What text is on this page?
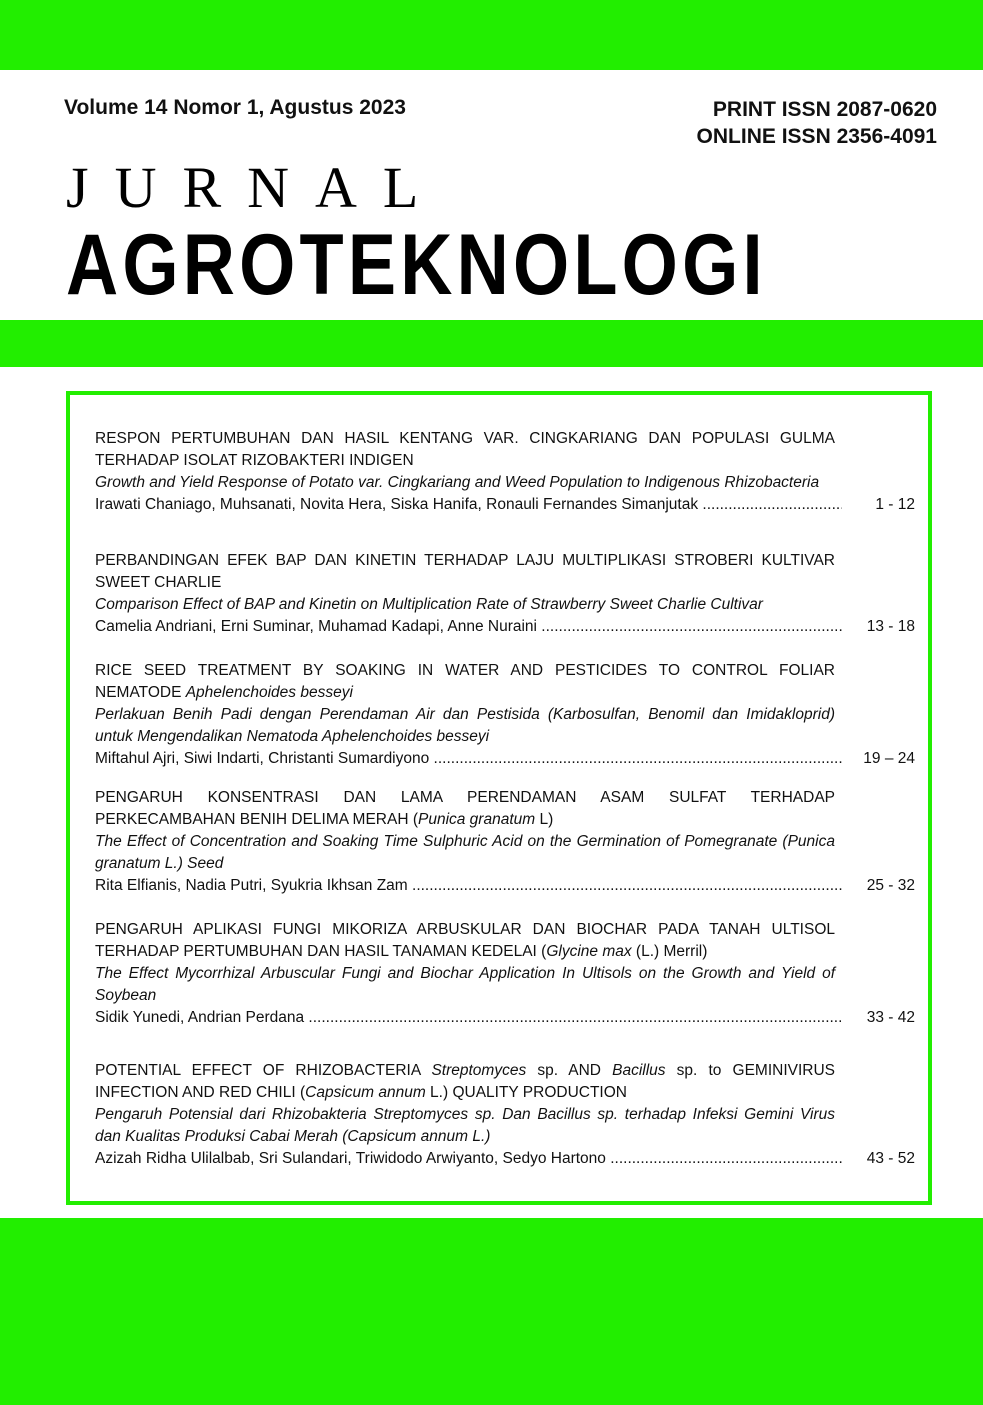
Volume 14 Nomor 1, Agustus 2023	PRINT ISSN 2087-0620
ONLINE ISSN 2356-4091
JURNAL
AGROTEKNOLOGI
RESPON PERTUMBUHAN DAN HASIL KENTANG VAR. CINGKARIANG DAN POPULASI GULMA TERHADAP ISOLAT RIZOBAKTERI INDIGEN
Growth and Yield Response of Potato var. Cingkariang and Weed Population to Indigenous Rhizobacteria
Irawati Chaniago, Muhsanati, Novita Hera, Siska Hanifa, Ronauli Fernandes Simanjutak .....	1 - 12
PERBANDINGAN EFEK BAP DAN KINETIN TERHADAP LAJU MULTIPLIKASI STROBERI KULTIVAR SWEET CHARLIE
Comparison Effect of BAP and Kinetin on Multiplication Rate of Strawberry Sweet Charlie Cultivar
Camelia Andriani, Erni Suminar, Muhamad Kadapi, Anne Nuraini .....	13 - 18
RICE SEED TREATMENT BY SOAKING IN WATER AND PESTICIDES TO CONTROL FOLIAR NEMATODE Aphelenchoides besseyi
Perlakuan Benih Padi dengan Perendaman Air dan Pestisida (Karbosulfan, Benomil dan Imidakloprid) untuk Mengendalikan Nematoda Aphelenchoides besseyi
Miftahul Ajri, Siwi Indarti, Christanti Sumardiyono .....	19 – 24
PENGARUH KONSENTRASI DAN LAMA PERENDAMAN ASAM SULFAT TERHADAP PERKECAMBAHAN BENIH DELIMA MERAH (Punica granatum L)
The Effect of Concentration and Soaking Time Sulphuric Acid on the Germination of Pomegranate (Punica granatum L.) Seed
Rita Elfianis, Nadia Putri, Syukria Ikhsan Zam .....	25 - 32
PENGARUH APLIKASI FUNGI MIKORIZA ARBUSKULAR DAN BIOCHAR PADA TANAH ULTISOL TERHADAP PERTUMBUHAN DAN HASIL TANAMAN KEDELAI (Glycine max (L.) Merril)
The Effect Mycorrhizal Arbuscular Fungi and Biochar Application In Ultisols on the Growth and Yield of Soybean
Sidik Yunedi, Andrian Perdana .....	33 - 42
POTENTIAL EFFECT OF RHIZOBACTERIA Streptomyces sp. AND Bacillus sp. to GEMINIVIRUS INFECTION AND RED CHILI (Capsicum annum L.) QUALITY PRODUCTION
Pengaruh Potensial dari Rhizobakteria Streptomyces sp. Dan Bacillus sp. terhadap Infeksi Gemini Virus dan Kualitas Produksi Cabai Merah (Capsicum annum L.)
Azizah Ridha Ulilalbab, Sri Sulandari, Triwidodo Arwiyanto, Sedyo Hartono .....	43 - 52
